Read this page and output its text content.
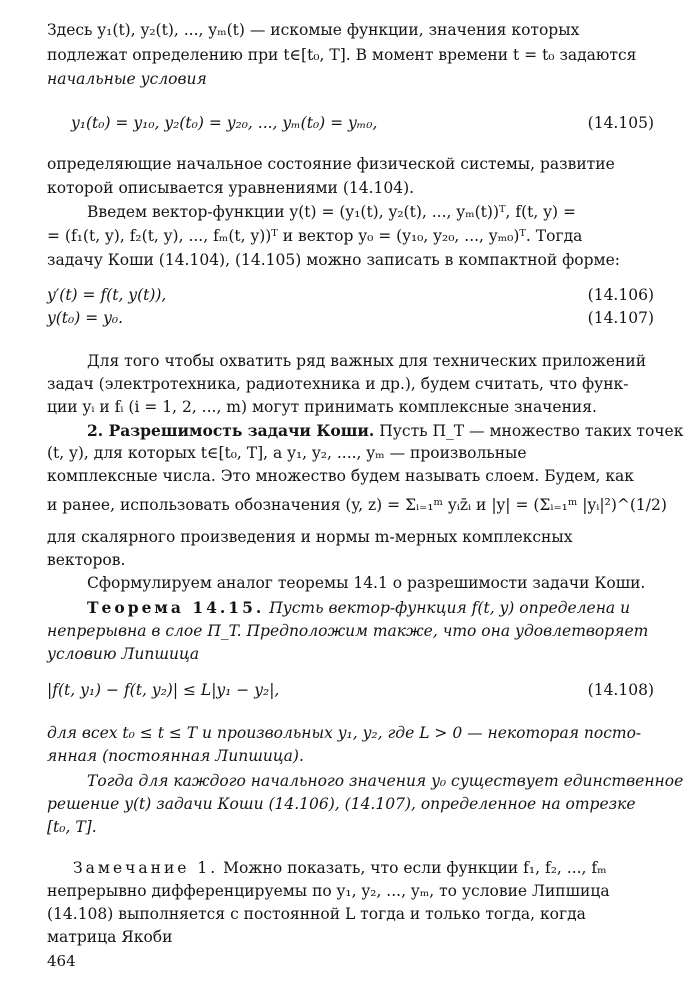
Здесь y₁(t), y₂(t), ..., yₘ(t) — искомые функции, значения которых

подлежат определению при t∈[t₀, T]. В момент времени t = t₀ задаются

начальные условия

y₁(t₀) = y₁₀, y₂(t₀) = y₂₀, ..., yₘ(t₀) = yₘ₀,	(14.105)

определяющие начальное состояние физической системы, развитие

которой описывается уравнениями (14.104).

Введем вектор-функции y(t) = (y₁(t), y₂(t), ..., yₘ(t))ᵀ, f(t, y) =

= (f₁(t, y), f₂(t, y), ..., fₘ(t, y))ᵀ и вектор y₀ = (y₁₀, y₂₀, ..., yₘ₀)ᵀ. Тогда

задачу Коши (14.104), (14.105) можно записать в компактной форме:

y′(t) = f(t, y(t)),	(14.106)
y(t₀) = y₀.	(14.107)

Для того чтобы охватить ряд важных для технических приложений

задач (электротехника, радиотехника и др.), будем считать, что функ-

ции yᵢ и fᵢ (i = 1, 2, ..., m) могут принимать комплексные значения.

2. Разрешимость задачи Коши. Пусть Π_T — множество таких точек

(t, y), для которых t∈[t₀, T], а y₁, y₂, ...., yₘ — произвольные

комплексные числа. Это множество будем называть слоем. Будем, как

и ранее, использовать обозначения (y, z) = Σᵢ₌₁ᵐ yᵢz̄ᵢ и |y| = (Σᵢ₌₁ᵐ |yᵢ|²)^(1/2)

для скалярного произведения и нормы m-мерных комплексных

векторов.

Сформулируем аналог теоремы 14.1 о разрешимости задачи Коши.

Теорема 14.15. Пусть вектор-функция f(t, y) определена и

непрерывна в слое Π_T. Предположим также, что она удовлетворяет

условию Липшица

|f(t, y₁) − f(t, y₂)| ≤ L|y₁ − y₂|,	(14.108)

для всех t₀ ≤ t ≤ T и произвольных y₁, y₂, где L > 0 — некоторая посто-

янная (постоянная Липшица).

Тогда для каждого начального значения y₀ существует единственное

решение y(t) задачи Коши (14.106), (14.107), определенное на отрезке

[t₀, T].

Замечание 1. Можно показать, что если функции f₁, f₂, ..., fₘ

непрерывно дифференцируемы по y₁, y₂, ..., yₘ, то условие Липшица

(14.108) выполняется с постоянной L тогда и только тогда, когда

матрица Якоби

464
